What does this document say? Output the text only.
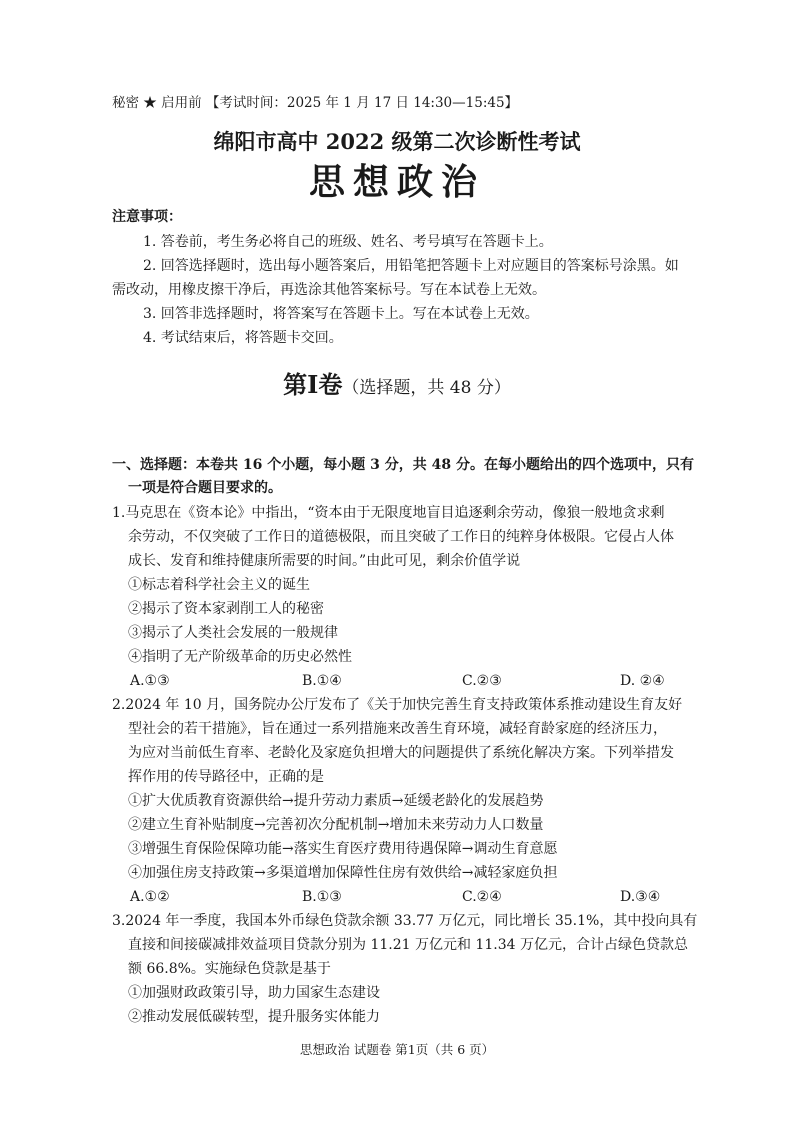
秘密 ★ 启用前 【考试时间：2025 年 1 月 17 日 14:30—15:45】
绵阳市高中 2022 级第二次诊断性考试
思想政治
注意事项：
1. 答卷前，考生务必将自己的班级、姓名、考号填写在答题卡上。
2. 回答选择题时，选出每小题答案后，用铅笔把答题卡上对应题目的答案标号涂黑。如
需改动，用橡皮擦干净后，再选涂其他答案标号。写在本试卷上无效。
3. 回答非选择题时，将答案写在答题卡上。写在本试卷上无效。
4. 考试结束后，将答题卡交回。
第Ⅰ卷（选择题，共 48 分）
一、选择题：本卷共 16 个小题，每小题 3 分，共 48 分。在每小题给出的四个选项中，只有
一项是符合题目要求的。
1.马克思在《资本论》中指出，“资本由于无限度地盲目追逐剩余劳动，像狼一般地贪求剩
余劳动，不仅突破了工作日的道德极限，而且突破了工作日的纯粹身体极限。它侵占人体
成长、发育和维持健康所需要的时间。”由此可见，剩余价值学说
①标志着科学社会主义的诞生
②揭示了资本家剥削工人的秘密
③揭示了人类社会发展的一般规律
④指明了无产阶级革命的历史必然性
A.①③	B.①④	C.②③	D. ②④
2.2024 年 10 月，国务院办公厅发布了《关于加快完善生育支持政策体系推动建设生育友好
型社会的若干措施》，旨在通过一系列措施来改善生育环境，减轻育龄家庭的经济压力，
为应对当前低生育率、老龄化及家庭负担增大的问题提供了系统化解决方案。下列举措发
挥作用的传导路径中，正确的是
①扩大优质教育资源供给→提升劳动力素质→延缓老龄化的发展趋势
②建立生育补贴制度→完善初次分配机制→增加未来劳动力人口数量
③增强生育保险保障功能→落实生育医疗费用待遇保障→调动生育意愿
④加强住房支持政策→多渠道增加保障性住房有效供给→减轻家庭负担
A.①②	B.①③	C.②④	D.③④
3.2024 年一季度，我国本外币绿色贷款余额 33.77 万亿元，同比增长 35.1%，其中投向具有
直接和间接碳减排效益项目贷款分别为 11.21 万亿元和 11.34 万亿元，合计占绿色贷款总
额 66.8%。实施绿色贷款是基于
①加强财政政策引导，助力国家生态建设
②推动发展低碳转型，提升服务实体能力
思想政治 试题卷 第1页（共 6 页）
